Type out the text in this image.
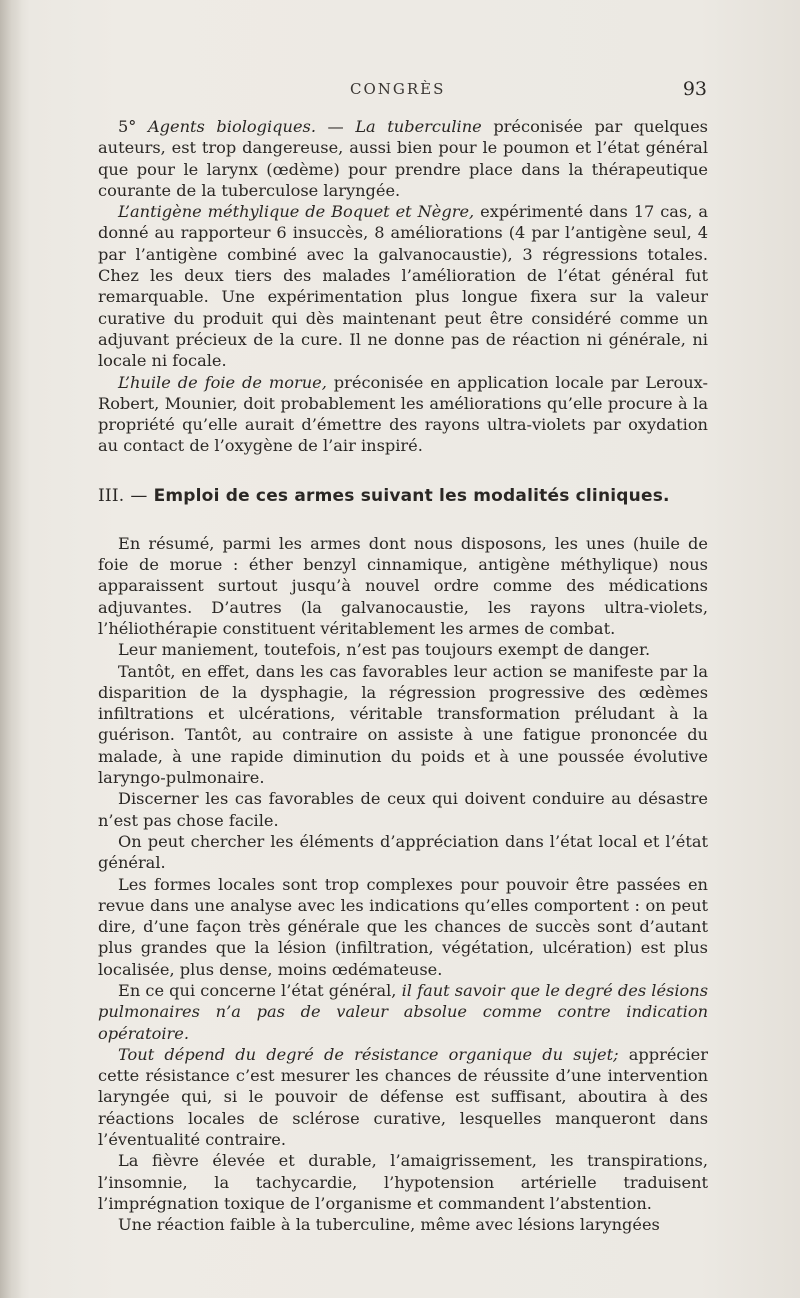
CONGRÈS	93

5° Agents biologiques. — La tuberculine préconisée par quelques auteurs, est trop dangereuse, aussi bien pour le poumon et l’état général que pour le larynx (œdème) pour prendre place dans la thérapeutique courante de la tuberculose laryngée.

L’antigène méthylique de Boquet et Nègre, expérimenté dans 17 cas, a donné au rapporteur 6 insuccès, 8 améliorations (4 par l’antigène seul, 4 par l’antigène combiné avec la galvanocaustie), 3 régressions totales. Chez les deux tiers des malades l’amélioration de l’état général fut remarquable. Une expérimentation plus longue fixera sur la valeur curative du produit qui dès maintenant peut être considéré comme un adjuvant précieux de la cure. Il ne donne pas de réaction ni générale, ni locale ni focale.

L’huile de foie de morue, préconisée en application locale par Leroux-Robert, Mounier, doit probablement les améliorations qu’elle procure à la propriété qu’elle aurait d’émettre des rayons ultra-violets par oxydation au contact de l’oxygène de l’air inspiré.

III. — Emploi de ces armes suivant les modalités cliniques.

En résumé, parmi les armes dont nous disposons, les unes (huile de foie de morue : éther benzyl cinnamique, antigène méthylique) nous apparaissent surtout jusqu’à nouvel ordre comme des médications adjuvantes. D’autres (la galvanocaustie, les rayons ultra-violets, l’héliothérapie constituent véritablement les armes de combat.

Leur maniement, toutefois, n’est pas toujours exempt de danger.

Tantôt, en effet, dans les cas favorables leur action se manifeste par la disparition de la dysphagie, la régression progressive des œdèmes infiltrations et ulcérations, véritable transformation préludant à la guérison. Tantôt, au contraire on assiste à une fatigue prononcée du malade, à une rapide diminution du poids et à une poussée évolutive laryngo-pulmonaire.

Discerner les cas favorables de ceux qui doivent conduire au désastre n’est pas chose facile.

On peut chercher les éléments d’appréciation dans l’état local et l’état général.

Les formes locales sont trop complexes pour pouvoir être passées en revue dans une analyse avec les indications qu’elles comportent : on peut dire, d’une façon très générale que les chances de succès sont d’autant plus grandes que la lésion (infiltration, végétation, ulcération) est plus localisée, plus dense, moins œdémateuse.

En ce qui concerne l’état général, il faut savoir que le degré des lésions pulmonaires n’a pas de valeur absolue comme contre indication opératoire.

Tout dépend du degré de résistance organique du sujet; apprécier cette résistance c’est mesurer les chances de réussite d’une intervention laryngée qui, si le pouvoir de défense est suffisant, aboutira à des réactions locales de sclérose curative, lesquelles manqueront dans l’éventualité contraire.

La fièvre élevée et durable, l’amaigrissement, les transpirations, l’insomnie, la tachycardie, l’hypotension artérielle traduisent l’imprégnation toxique de l’organisme et commandent l’abstention.

Une réaction faible à la tuberculine, même avec lésions laryngées
